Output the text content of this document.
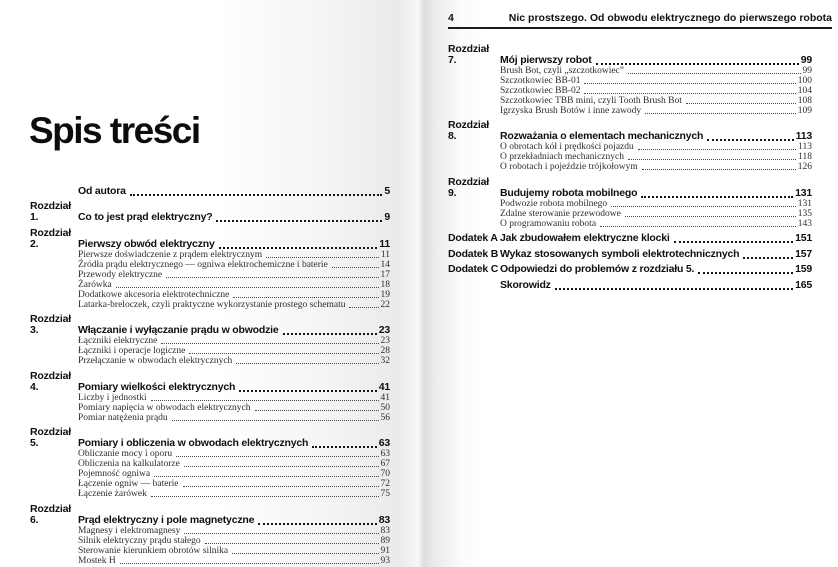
Spis treści
4	Nic prostszego. Od obwodu elektrycznego do pierwszego robota
Od autora	5
Rozdział 1.	Co to jest prąd elektryczny?	9
Rozdział 2.	Pierwszy obwód elektryczny	11
Pierwsze doświadczenie z prądem elektrycznym	11
Źródła prądu elektrycznego — ogniwa elektrochemiczne i baterie	14
Przewody elektryczne	17
Żarówka	18
Dodatkowe akcesoria elektrotechniczne	19
Latarka-breloczek, czyli praktyczne wykorzystanie prostego schematu	22
Rozdział 3.	Włączanie i wyłączanie prądu w obwodzie	23
Łączniki elektryczne	23
Łączniki i operacje logiczne	28
Przełączanie w obwodach elektrycznych	32
Rozdział 4.	Pomiary wielkości elektrycznych	41
Liczby i jednostki	41
Pomiary napięcia w obwodach elektrycznych	50
Pomiar natężenia prądu	56
Rozdział 5.	Pomiary i obliczenia w obwodach elektrycznych	63
Obliczanie mocy i oporu	63
Obliczenia na kalkulatorze	67
Pojemność ogniwa	70
Łączenie ogniw — baterie	72
Łączenie żarówek	75
Rozdział 6.	Prąd elektryczny i pole magnetyczne	83
Magnesy i elektromagnesy	83
Silnik elektryczny prądu stałego	89
Sterowanie kierunkiem obrotów silnika	91
Mostek H	93
Rozdział 7.	Mój pierwszy robot	99
Brush Bot, czyli „szczotkowiec”	99
Szczotkowiec BB-01	100
Szczotkowiec BB-02	104
Szczotkowiec TBB mini, czyli Tooth Brush Bot	108
Igrzyska Brush Botów i inne zawody	109
Rozdział 8.	Rozważania o elementach mechanicznych	113
O obrotach kół i prędkości pojazdu	113
O przekładniach mechanicznych	118
O robotach i pojeździe trójkołowym	126
Rozdział 9.	Budujemy robota mobilnego	131
Podwozie robota mobilnego	131
Zdalne sterowanie przewodowe	135
O programowaniu robota	143
Dodatek A Jak zbudowałem elektryczne klocki	151
Dodatek B Wykaz stosowanych symboli elektrotechnicznych	157
Dodatek C Odpowiedzi do problemów z rozdziału 5.	159
Skorowidz	165
